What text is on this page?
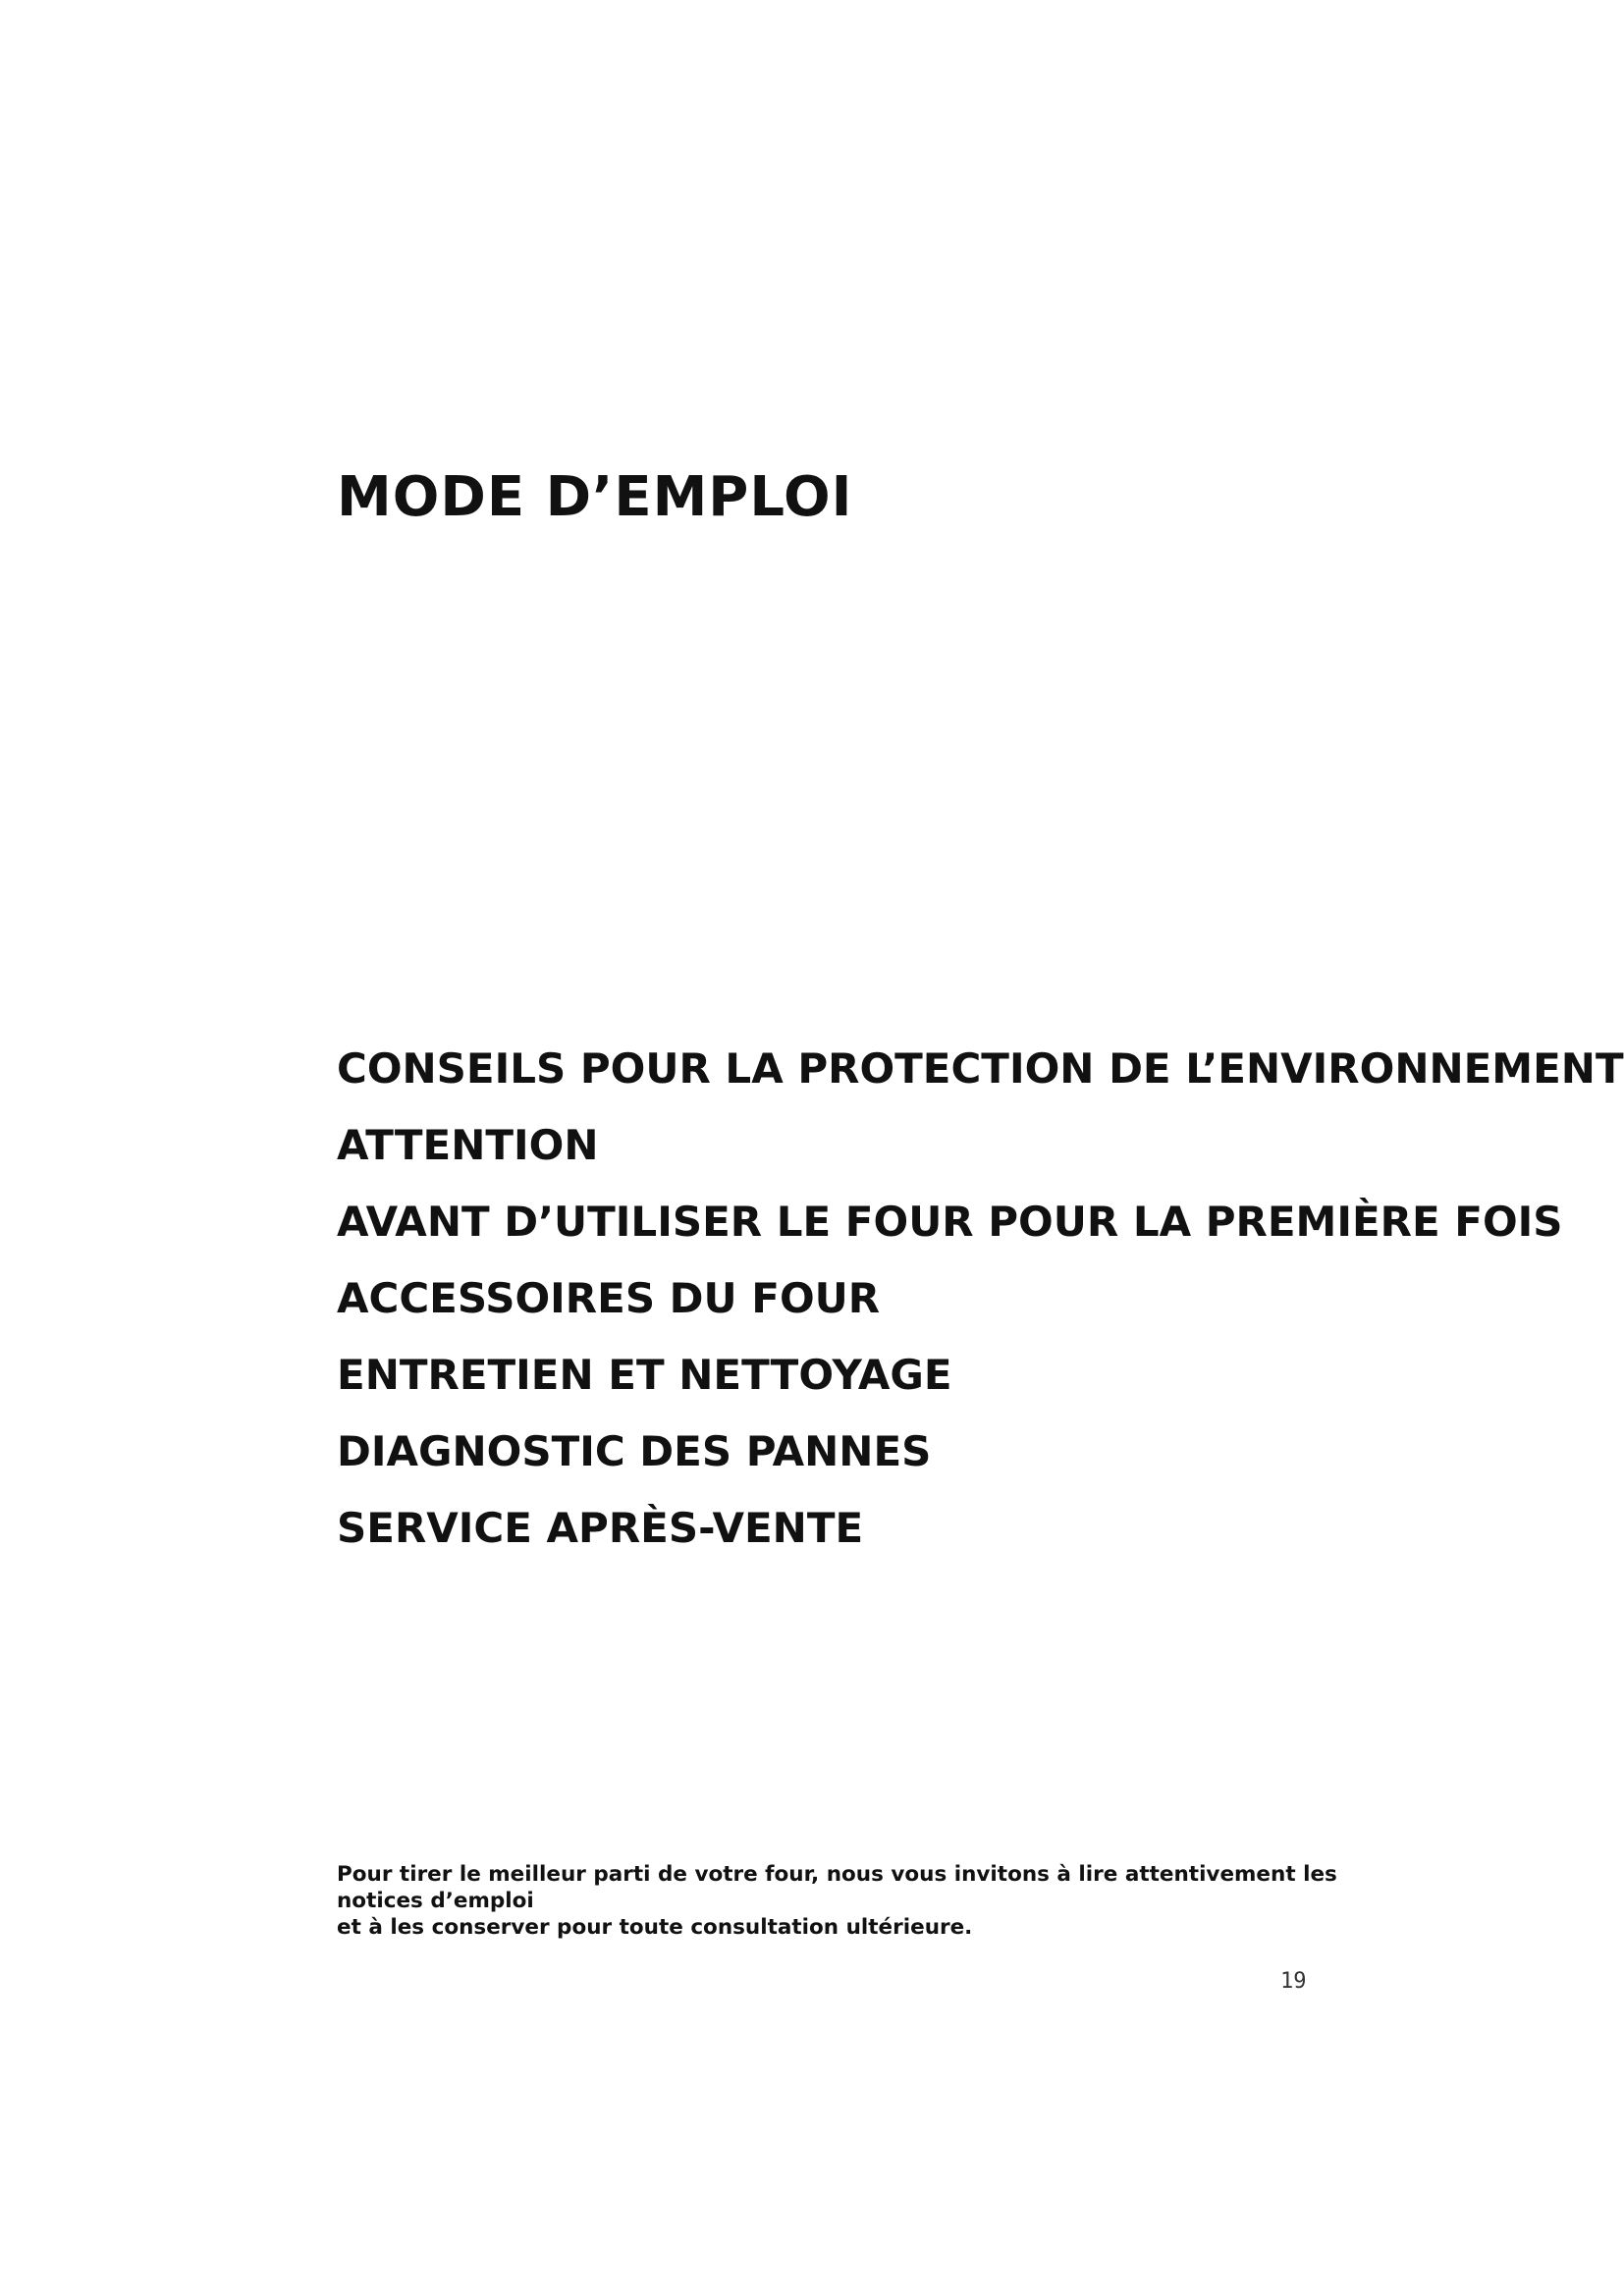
MODE D’EMPLOI
CONSEILS POUR LA PROTECTION DE L’ENVIRONNEMENT
ATTENTION
AVANT D’UTILISER LE FOUR POUR LA PREMIÈRE FOIS
ACCESSOIRES DU FOUR
ENTRETIEN ET NETTOYAGE
DIAGNOSTIC DES PANNES
SERVICE APRÈS-VENTE

Pour tirer le meilleur parti de votre four, nous vous invitons à lire attentivement les notices d’emploi
et à les conserver pour toute consultation ultérieure.

19
